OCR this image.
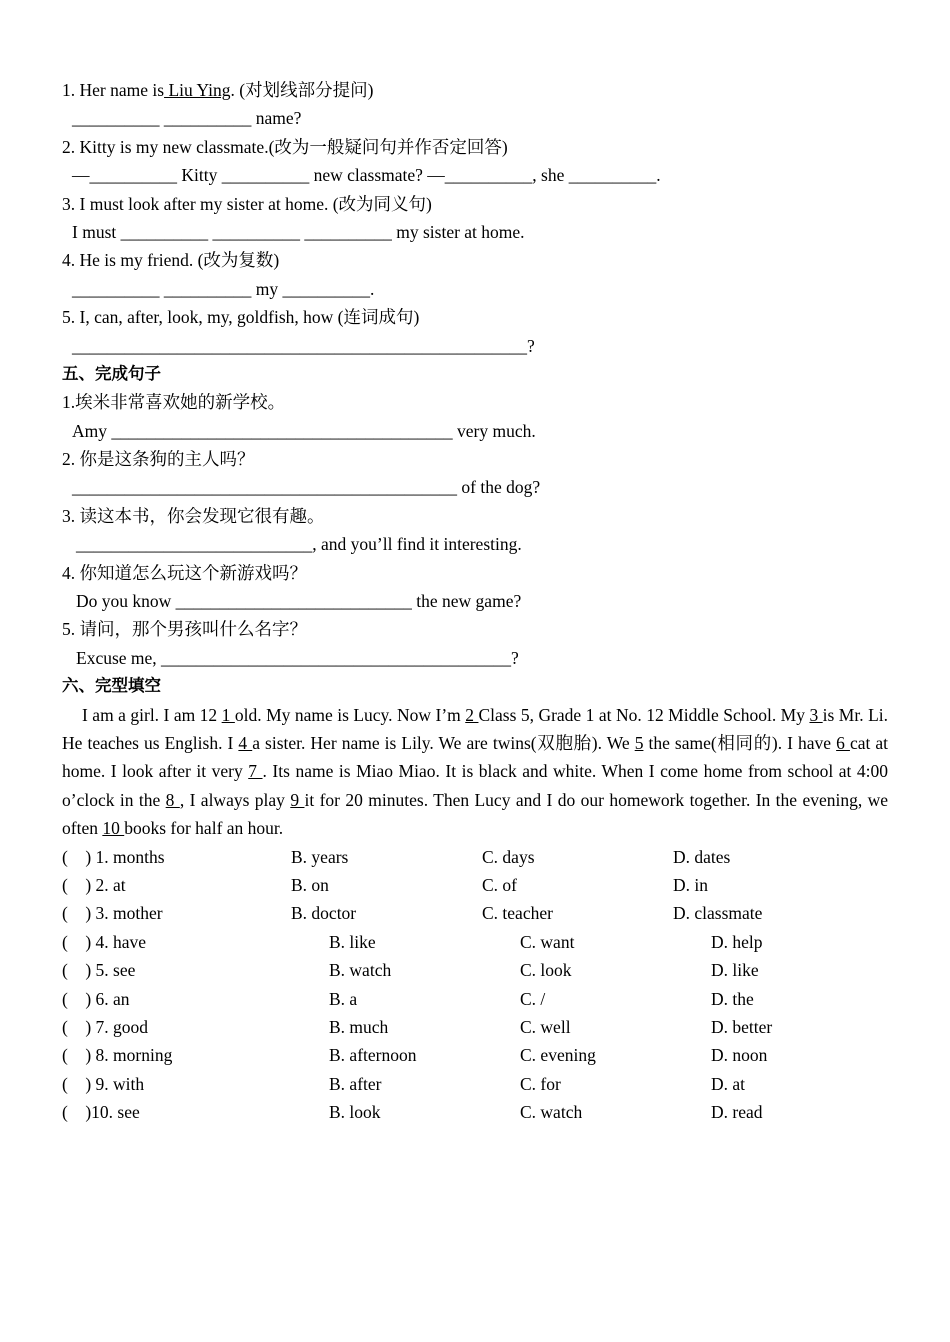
1. Her name is Liu Ying. (对划线部分提问)
__________ __________ name?
2. Kitty is my new classmate.(改为一般疑问句并作否定回答)
—__________ Kitty __________ new classmate? —__________, she __________.
3. I must look after my sister at home. (改为同义句)
I must __________ __________ __________ my sister at home.
4. He is my friend. (改为复数)
__________ __________ my __________.
5. I, can, after, look, my, goldfish, how (连词成句)
____________________________________________________?
五、完成句子
1.埃米非常喜欢她的新学校。
Amy _______________________________________ very much.
2. 你是这条狗的主人吗？
____________________________________________ of the dog?
3. 读这本书，你会发现它很有趣。
___________________________, and you’ll find it interesting.
4. 你知道怎么玩这个新游戏吗？
Do you know ___________________________ the new game?
5. 请问，那个男孩叫什么名字？
Excuse me, ________________________________________?
六、完型填空
I am a girl. I am 12 1 old. My name is Lucy. Now I’m 2 Class 5, Grade 1 at No. 12 Middle School. My 3 is Mr. Li. He teaches us English. I 4 a sister. Her name is Lily. We are twins(双胞胎). We 5 the same(相同的). I have 6 cat at home. I look after it very 7 . Its name is Miao Miao. It is black and white. When I come home from school at 4:00 o’clock in the 8 , I always play 9 it for 20 minutes. Then Lucy and I do our homework together. In the evening, we often 10 books for half an hour.
(    ) 1. months	B. years	C. days	D. dates
(    ) 2. at	B. on	C. of	D. in
(    ) 3. mother	B. doctor	C. teacher	D. classmate
(    ) 4. have	B. like	C. want	D. help
(    ) 5. see	B. watch	C. look	D. like
(    ) 6. an	B. a	C. /	D. the
(    ) 7. good	B. much	C. well	D. better
(    ) 8. morning	B. afternoon	C. evening	D. noon
(    ) 9. with	B. after	C. for	D. at
(    )10. see	B. look	C. watch	D. read
